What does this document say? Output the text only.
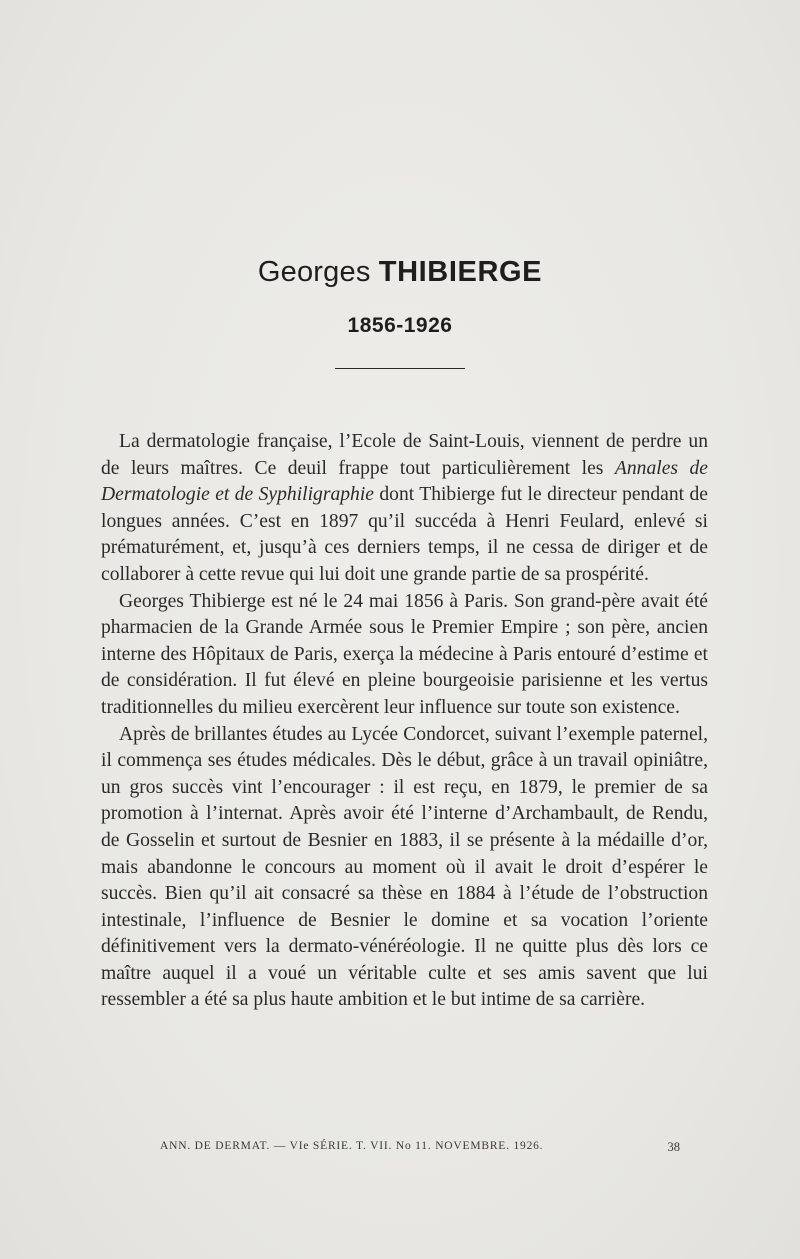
Georges THIBIERGE
1856-1926

La dermatologie française, l’Ecole de Saint-Louis, viennent de perdre un de leurs maîtres. Ce deuil frappe tout particulièrement les Annales de Dermatologie et de Syphiligraphie dont Thibierge fut le directeur pendant de longues années. C’est en 1897 qu’il succéda à Henri Feulard, enlevé si prématurément, et, jusqu’à ces derniers temps, il ne cessa de diriger et de collaborer à cette revue qui lui doit une grande partie de sa prospérité.

Georges Thibierge est né le 24 mai 1856 à Paris. Son grand-père avait été pharmacien de la Grande Armée sous le Premier Empire ; son père, ancien interne des Hôpitaux de Paris, exerça la médecine à Paris entouré d’estime et de considération. Il fut élevé en pleine bourgeoisie parisienne et les vertus traditionnelles du milieu exercèrent leur influence sur toute son existence.

Après de brillantes études au Lycée Condorcet, suivant l’exemple paternel, il commença ses études médicales. Dès le début, grâce à un travail opiniâtre, un gros succès vint l’encourager : il est reçu, en 1879, le premier de sa promotion à l’internat. Après avoir été l’interne d’Archambault, de Rendu, de Gosselin et surtout de Besnier en 1883, il se présente à la médaille d’or, mais abandonne le concours au moment où il avait le droit d’espérer le succès. Bien qu’il ait consacré sa thèse en 1884 à l’étude de l’obstruction intestinale, l’influence de Besnier le domine et sa vocation l’oriente définitivement vers la dermato-vénéréologie. Il ne quitte plus dès lors ce maître auquel il a voué un véritable culte et ses amis savent que lui ressembler a été sa plus haute ambition et le but intime de sa carrière.

ANN. DE DERMAT. — VIe SÉRIE. T. VII. No 11. NOVEMBRE. 1926.	38
